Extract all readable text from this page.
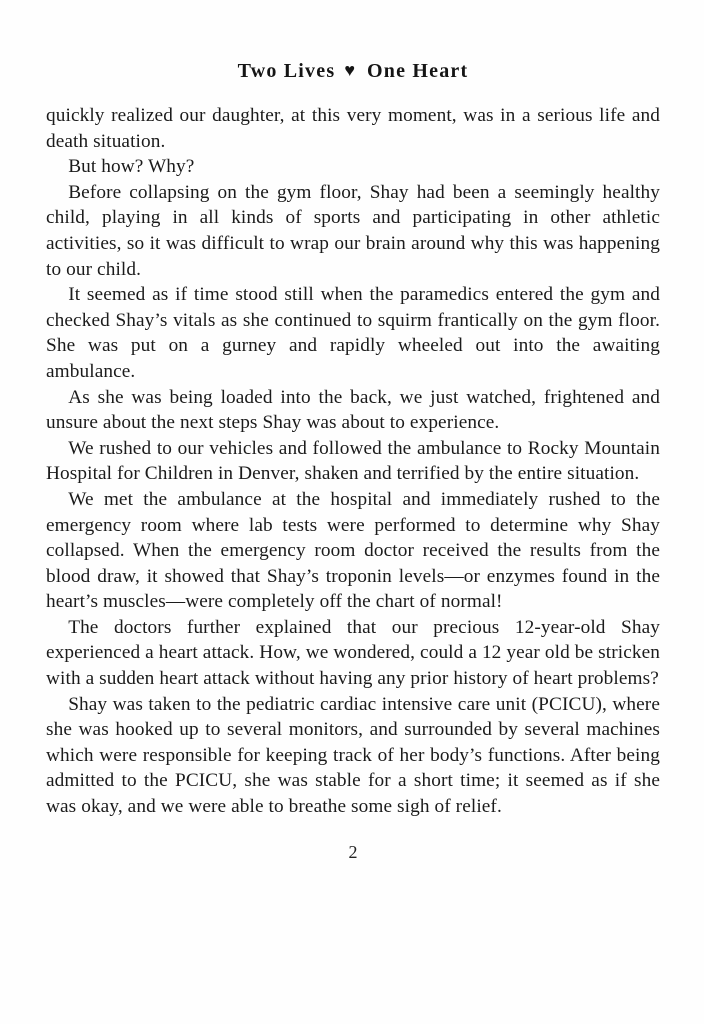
Two Lives ♥ One Heart

quickly realized our daughter, at this very moment, was in a serious life and death situation.

But how? Why?

Before collapsing on the gym floor, Shay had been a seemingly healthy child, playing in all kinds of sports and participating in other athletic activities, so it was difficult to wrap our brain around why this was happening to our child.

It seemed as if time stood still when the paramedics entered the gym and checked Shay’s vitals as she continued to squirm frantically on the gym floor. She was put on a gurney and rapidly wheeled out into the awaiting ambulance.

As she was being loaded into the back, we just watched, frightened and unsure about the next steps Shay was about to experience.

We rushed to our vehicles and followed the ambulance to Rocky Mountain Hospital for Children in Denver, shaken and terrified by the entire situation.

We met the ambulance at the hospital and immediately rushed to the emergency room where lab tests were performed to determine why Shay collapsed. When the emergency room doctor received the results from the blood draw, it showed that Shay’s troponin levels—or enzymes found in the heart’s muscles—were completely off the chart of normal!

The doctors further explained that our precious 12-year-old Shay experienced a heart attack. How, we wondered, could a 12 year old be stricken with a sudden heart attack without having any prior history of heart problems?

Shay was taken to the pediatric cardiac intensive care unit (PCICU), where she was hooked up to several monitors, and surrounded by several machines which were responsible for keeping track of her body’s functions. After being admitted to the PCICU, she was stable for a short time; it seemed as if she was okay, and we were able to breathe some sigh of relief.

2
